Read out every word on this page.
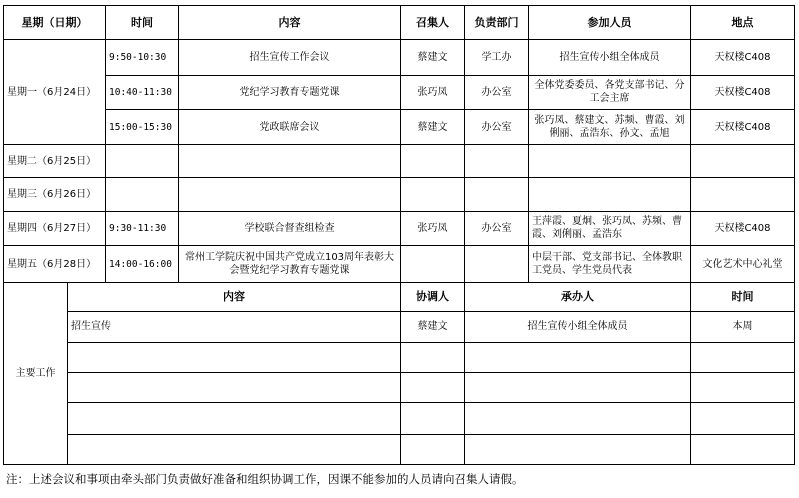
星期（日期）		时间	内容	召集人	负责部门	参加人员	地点
星期一（6月24日）		9:50-10:30	招生宣传工作会议	蔡建文	学工办	招生宣传小组全体成员	天权楼C408
		10:40-11:30	党纪学习教育专题党课	张巧凤	办公室	全体党委委员、各党支部书记、分工会主席	天权楼C408
		15:00-15:30	党政联席会议	蔡建文	办公室	张巧凤、蔡建文、苏频、曹霞、刘俐丽、孟浩东、孙文、孟旭	天权楼C408
星期二（6月25日）							
星期三（6月26日）							
星期四（6月27日）		9:30-11:30	学校联合督查组检查	张巧凤	办公室	王萍霞、夏炯、张巧凤、苏频、曹霞、刘俐丽、孟浩东	天权楼C408
星期五（6月28日）		14:00-16:00	常州工学院庆祝中国共产党成立103周年表彰大会暨党纪学习教育专题党课			中层干部、党支部书记、全体教职工党员、学生党员代表	文化艺术中心礼堂
主要工作	内容			协调人	承办人		时间
	招生宣传			蔡建文	招生宣传小组全体成员		本周

注：上述会议和事项由牵头部门负责做好准备和组织协调工作，因课不能参加的人员请向召集人请假。
